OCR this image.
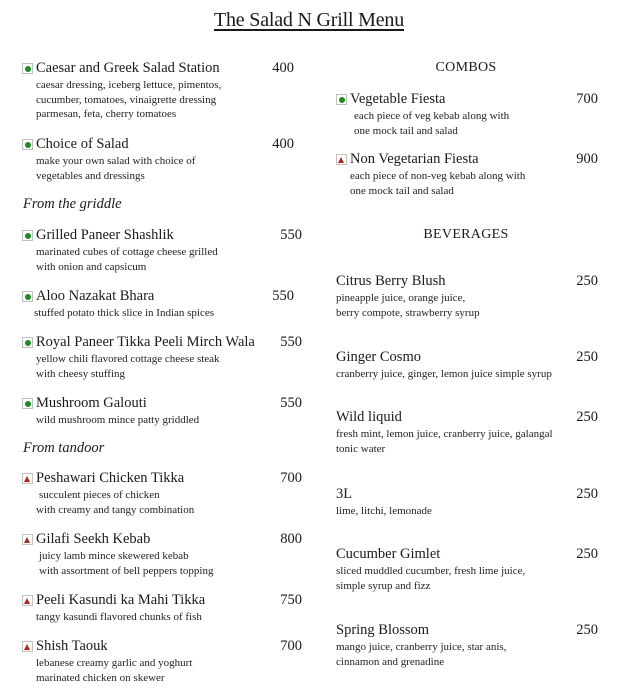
The Salad N Grill Menu
Caesar and Greek Salad Station	400
caesar dressing, iceberg lettuce, pimentos,
cucumber, tomatoes, vinaigrette dressing
parmesan, feta, cherry tomatoes
Choice of Salad	400
make your own salad with choice of
vegetables and dressings
From the griddle
Grilled Paneer Shashlik	550
marinated cubes of cottage cheese grilled
with onion and capsicum
Aloo Nazakat Bhara	550
stuffed potato thick slice in Indian spices
Royal Paneer Tikka Peeli Mirch Wala 550
yellow chili flavored cottage cheese steak
with cheesy stuffing
Mushroom Galouti	550
wild mushroom mince patty griddled
From tandoor
Peshawari Chicken Tikka	700
succulent pieces of chicken
with creamy and tangy combination
Gilafi Seekh Kebab	800
juicy lamb mince skewered kebab
with assortment of bell peppers topping
Peeli Kasundi ka Mahi Tikka	750
tangy kasundi flavored chunks of fish
Shish Taouk	700
lebanese creamy garlic and yoghurt
marinated chicken on skewer
COMBOS
Vegetable Fiesta	700
each piece of veg kebab along with
one mock tail and salad
Non Vegetarian Fiesta	900
each piece of non-veg kebab along with
one mock tail and salad
BEVERAGES
Citrus Berry Blush	250
pineapple juice, orange juice,
berry compote, strawberry syrup
Ginger Cosmo	250
cranberry juice, ginger, lemon juice simple syrup
Wild liquid	250
fresh mint, lemon juice, cranberry juice, galangal
tonic water
3L	250
lime, litchi, lemonade
Cucumber Gimlet	250
sliced muddled cucumber, fresh lime juice,
simple syrup and fizz
Spring Blossom	250
mango juice, cranberry juice, star anis,
cinnamon and grenadine
